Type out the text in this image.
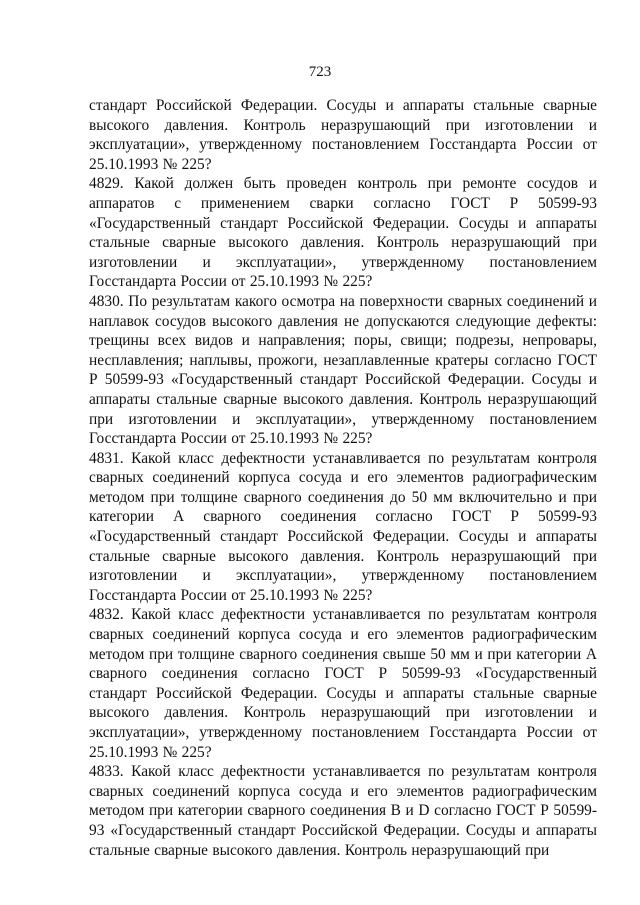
723

стандарт Российской Федерации. Сосуды и аппараты стальные сварные высокого давления. Контроль неразрушающий при изготовлении и эксплуатации», утвержденному постановлением Госстандарта России от 25.10.1993 № 225?

4829. Какой должен быть проведен контроль при ремонте сосудов и аппаратов с применением сварки согласно ГОСТ Р 50599-93 «Государственный стандарт Российской Федерации. Сосуды и аппараты стальные сварные высокого давления. Контроль неразрушающий при изготовлении и эксплуатации», утвержденному постановлением Госстандарта России от 25.10.1993 № 225?

4830. По результатам какого осмотра на поверхности сварных соединений и наплавок сосудов высокого давления не допускаются следующие дефекты: трещины всех видов и направления; поры, свищи; подрезы, непровары, несплавления; наплывы, прожоги, незаплавленные кратеры согласно ГОСТ Р 50599-93 «Государственный стандарт Российской Федерации. Сосуды и аппараты стальные сварные высокого давления. Контроль неразрушающий при изготовлении и эксплуатации», утвержденному постановлением Госстандарта России от 25.10.1993 № 225?

4831. Какой класс дефектности устанавливается по результатам контроля сварных соединений корпуса сосуда и его элементов радиографическим методом при толщине сварного соединения до 50 мм включительно и при категории А сварного соединения согласно ГОСТ Р 50599-93 «Государственный стандарт Российской Федерации. Сосуды и аппараты стальные сварные высокого давления. Контроль неразрушающий при изготовлении и эксплуатации», утвержденному постановлением Госстандарта России от 25.10.1993 № 225?

4832. Какой класс дефектности устанавливается по результатам контроля сварных соединений корпуса сосуда и его элементов радиографическим методом при толщине сварного соединения свыше 50 мм и при категории А сварного соединения согласно ГОСТ Р 50599-93 «Государственный стандарт Российской Федерации. Сосуды и аппараты стальные сварные высокого давления. Контроль неразрушающий при изготовлении и эксплуатации», утвержденному постановлением Госстандарта России от 25.10.1993 № 225?

4833. Какой класс дефектности устанавливается по результатам контроля сварных соединений корпуса сосуда и его элементов радиографическим методом при категории сварного соединения В и D согласно ГОСТ Р 50599-93 «Государственный стандарт Российской Федерации. Сосуды и аппараты стальные сварные высокого давления. Контроль неразрушающий при
